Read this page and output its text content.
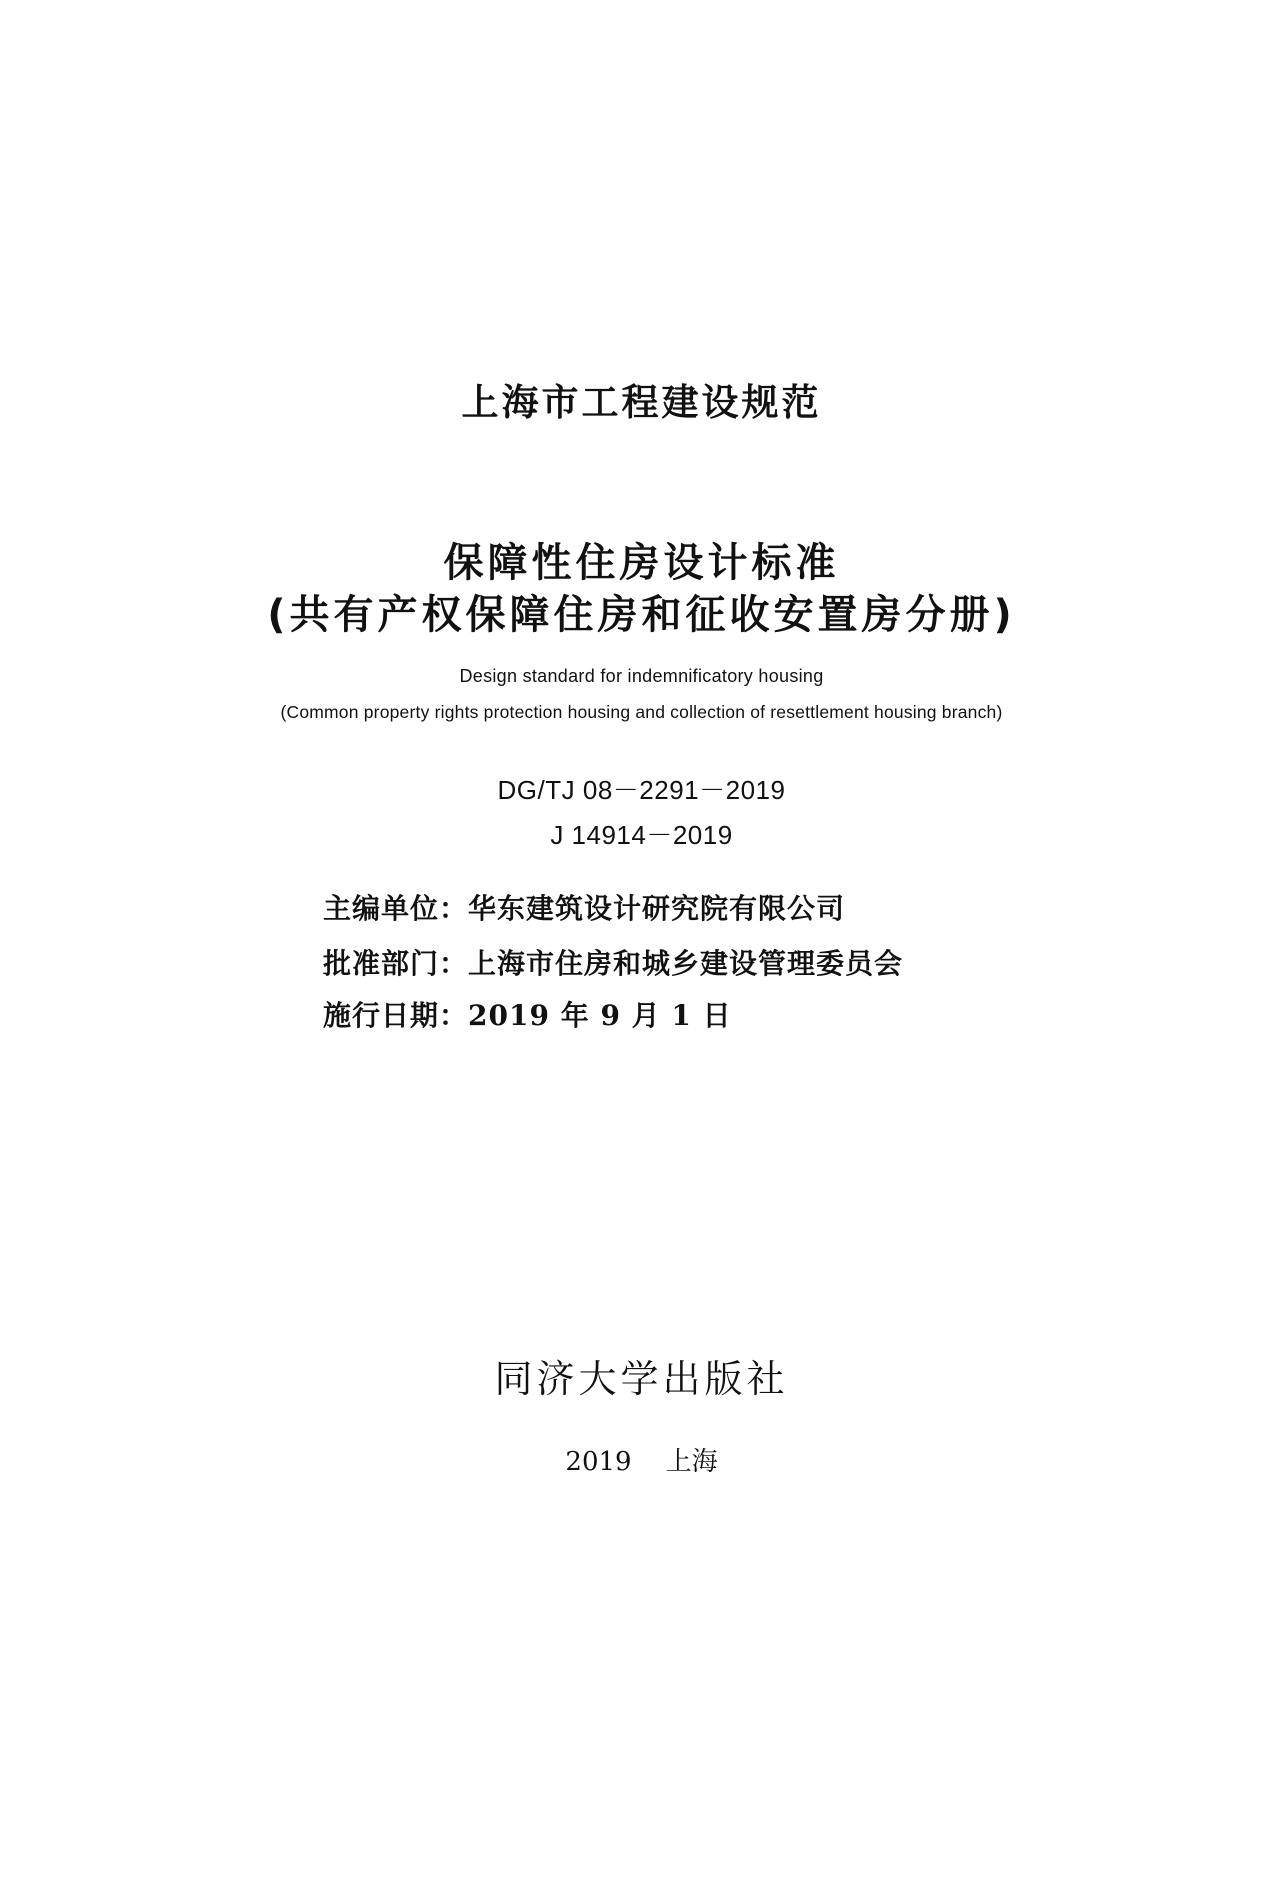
上海市工程建设规范
保障性住房设计标准
(共有产权保障住房和征收安置房分册)
Design standard for indemnificatory housing
(Common property rights protection housing and collection of resettlement housing branch)
DG/TJ 08－2291－2019
J 14914－2019
主编单位：华东建筑设计研究院有限公司
批准部门：上海市住房和城乡建设管理委员会
施行日期：2019 年 9 月 1 日
同济大学出版社
2019 上海
